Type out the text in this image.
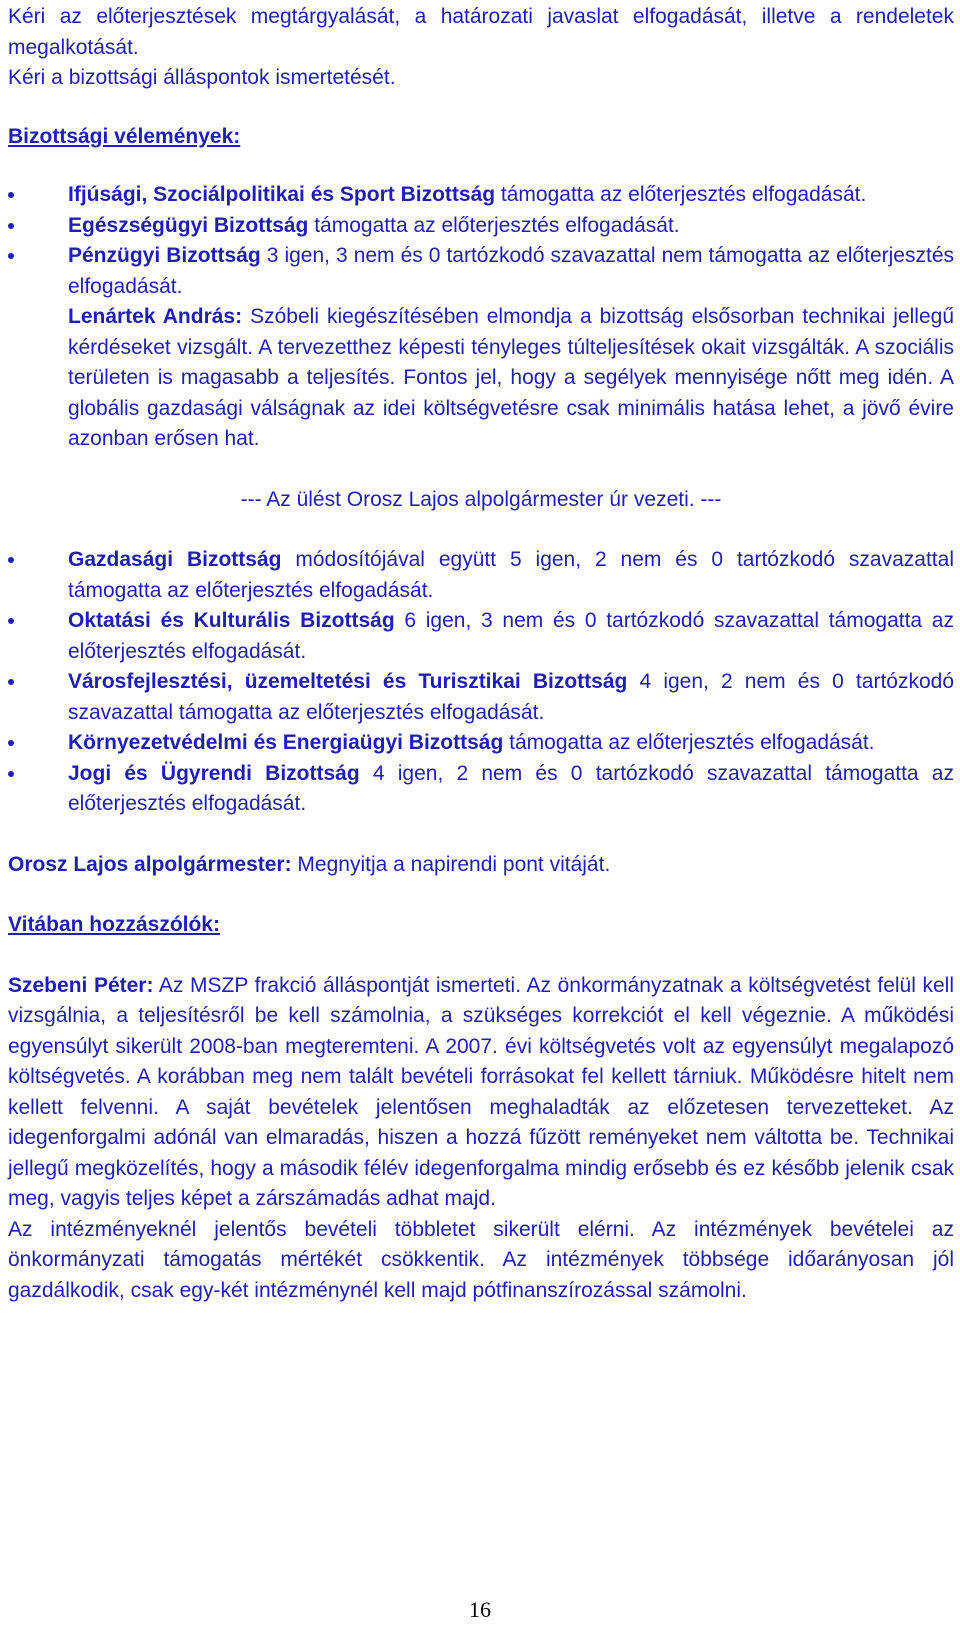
Kéri az előterjesztések megtárgyalását, a határozati javaslat elfogadását, illetve a rendeletek megalkotását.
Kéri a bizottsági álláspontok ismertetését.

Bizottsági vélemények:

Ifjúsági, Szociálpolitikai és Sport Bizottság támogatta az előterjesztés elfogadását.
Egészségügyi Bizottság támogatta az előterjesztés elfogadását.
Pénzügyi Bizottság 3 igen, 3 nem és 0 tartózkodó szavazattal nem támogatta az előterjesztés elfogadását.

Lenártek András: Szóbeli kiegészítésében elmondja a bizottság elsősorban technikai jellegű kérdéseket vizsgált. A tervezetthez képesti tényleges túlteljesítések okait vizsgálták. A szociális területen is magasabb a teljesítés. Fontos jel, hogy a segélyek mennyisége nőtt meg idén. A globális gazdasági válságnak az idei költségvetésre csak minimális hatása lehet, a jövő évire azonban erősen hat.

--- Az ülést Orosz Lajos alpolgármester úr vezeti. ---

Gazdasági Bizottság módosítójával együtt 5 igen, 2 nem és 0 tartózkodó szavazattal támogatta az előterjesztés elfogadását.
Oktatási és Kulturális Bizottság 6 igen, 3 nem és 0 tartózkodó szavazattal támogatta az előterjesztés elfogadását.
Városfejlesztési, üzemeltetési és Turisztikai Bizottság 4 igen, 2 nem és 0 tartózkodó szavazattal támogatta az előterjesztés elfogadását.
Környezetvédelmi és Energiaügyi Bizottság támogatta az előterjesztés elfogadását.
Jogi és Ügyrendi Bizottság 4 igen, 2 nem és 0 tartózkodó szavazattal támogatta az előterjesztés elfogadását.

Orosz Lajos alpolgármester: Megnyitja a napirendi pont vitáját.

Vitában hozzászólók:

Szebeni Péter: Az MSZP frakció álláspontját ismerteti. Az önkormányzatnak a költségvetést felül kell vizsgálnia, a teljesítésről be kell számolnia, a szükséges korrekciót el kell végeznie. A működési egyensúlyt sikerült 2008-ban megteremteni. A 2007. évi költségvetés volt az egyensúlyt megalapozó költségvetés. A korábban meg nem talált bevételi forrásokat fel kellett tárniuk. Működésre hitelt nem kellett felvenni. A saját bevételek jelentősen meghaladták az előzetesen tervezetteket. Az idegenforgalmi adónál van elmaradás, hiszen a hozzá fűzött reményeket nem váltotta be. Technikai jellegű megközelítés, hogy a második félév idegenforgalma mindig erősebb és ez később jelenik csak meg, vagyis teljes képet a zárszámadás adhat majd.

Az intézményeknél jelentős bevételi többletet sikerült elérni. Az intézmények bevételei az önkormányzati támogatás mértékét csökkentik. Az intézmények többsége időarányosan jól gazdálkodik, csak egy-két intézménynél kell majd pótfinanszírozással számolni.

16
